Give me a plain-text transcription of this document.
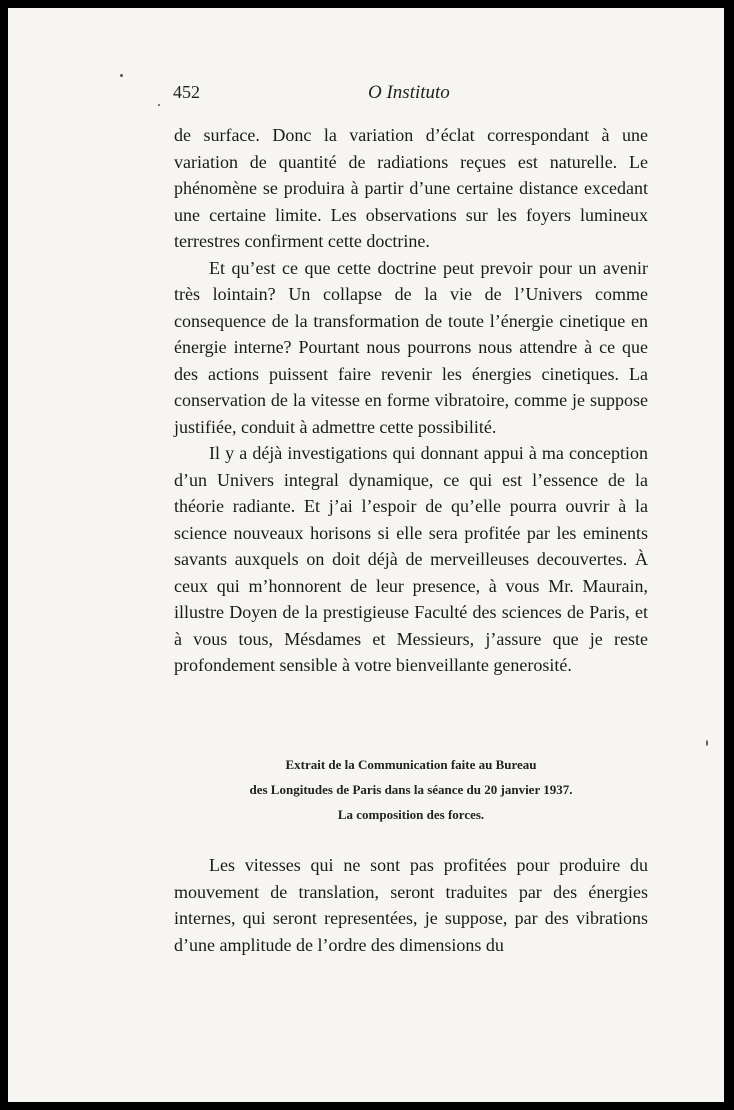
452	O Instituto

de surface. Donc la variation d’éclat correspondant à une variation de quantité de radiations reçues est naturelle. Le phénomène se produira à partir d’une certaine distance excedant une certaine limite. Les observations sur les foyers lumineux terrestres confirment cette doctrine.

Et qu’est ce que cette doctrine peut prevoir pour un avenir très lointain? Un collapse de la vie de l’Univers comme consequence de la transformation de toute l’énergie cinetique en énergie interne? Pourtant nous pourrons nous attendre à ce que des actions puissent faire revenir les énergies cinetiques. La conservation de la vitesse en forme vibratoire, comme je suppose justifiée, conduit à admettre cette possibilité.

Il y a déjà investigations qui donnant appui à ma conception d’un Univers integral dynamique, ce qui est l’essence de la théorie radiante. Et j’ai l’espoir de qu’elle pourra ouvrir à la science nouveaux horisons si elle sera profitée par les eminents savants auxquels on doit déjà de merveilleuses decouvertes. À ceux qui m’honnorent de leur presence, à vous Mr. Maurain, illustre Doyen de la prestigieuse Faculté des sciences de Paris, et à vous tous, Mésdames et Messieurs, j’assure que je reste profondement sensible à votre bienveillante generosité.

Extrait de la Communication faite au Bureau
des Longitudes de Paris dans la séance du 20 janvier 1937.
La composition des forces.

Les vitesses qui ne sont pas profitées pour produire du mouvement de translation, seront traduites par des énergies internes, qui seront representées, je suppose, par des vibrations d’une amplitude de l’ordre des dimensions du
